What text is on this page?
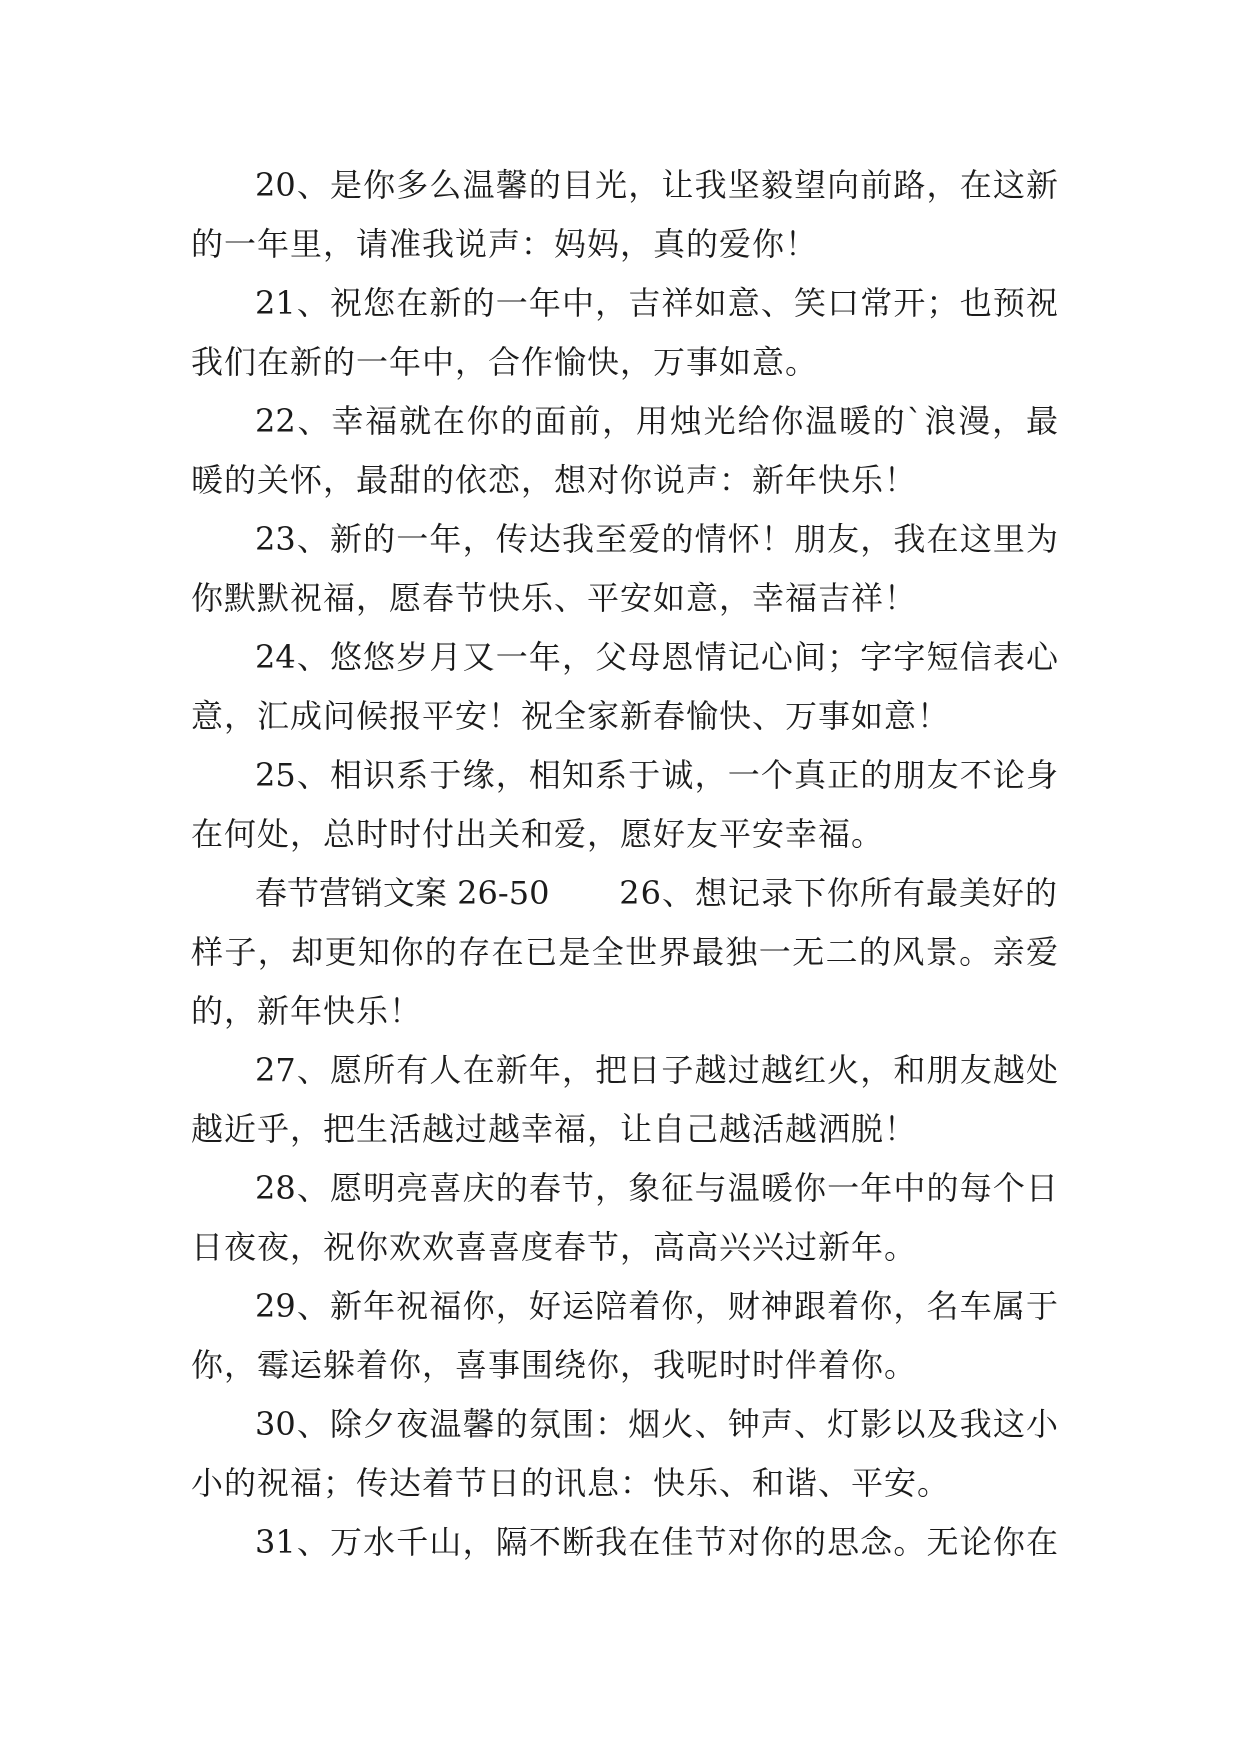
20、是你多么温馨的目光，让我坚毅望向前路，在这新
的一年里，请准我说声：妈妈，真的爱你！
21、祝您在新的一年中，吉祥如意、笑口常开；也预祝
我们在新的一年中，合作愉快，万事如意。
22、幸福就在你的面前，用烛光给你温暖的`浪漫，最
暖的关怀，最甜的依恋，想对你说声：新年快乐！
23、新的一年，传达我至爱的情怀！朋友，我在这里为
你默默祝福，愿春节快乐、平安如意，幸福吉祥！
24、悠悠岁月又一年，父母恩情记心间；字字短信表心
意，汇成问候报平安！祝全家新春愉快、万事如意！
25、相识系于缘，相知系于诚，一个真正的朋友不论身
在何处，总时时付出关和爱，愿好友平安幸福。
春节营销文案 26-50 26、想记录下你所有最美好的
样子，却更知你的存在已是全世界最独一无二的风景。亲爱
的，新年快乐！
27、愿所有人在新年，把日子越过越红火，和朋友越处
越近乎，把生活越过越幸福，让自己越活越洒脱！
28、愿明亮喜庆的春节，象征与温暖你一年中的每个日
日夜夜，祝你欢欢喜喜度春节，高高兴兴过新年。
29、新年祝福你，好运陪着你，财神跟着你，名车属于
你，霉运躲着你，喜事围绕你，我呢时时伴着你。
30、除夕夜温馨的氛围：烟火、钟声、灯影以及我这小
小的祝福；传达着节日的讯息：快乐、和谐、平安。
31、万水千山，隔不断我在佳节对你的思念。无论你在
